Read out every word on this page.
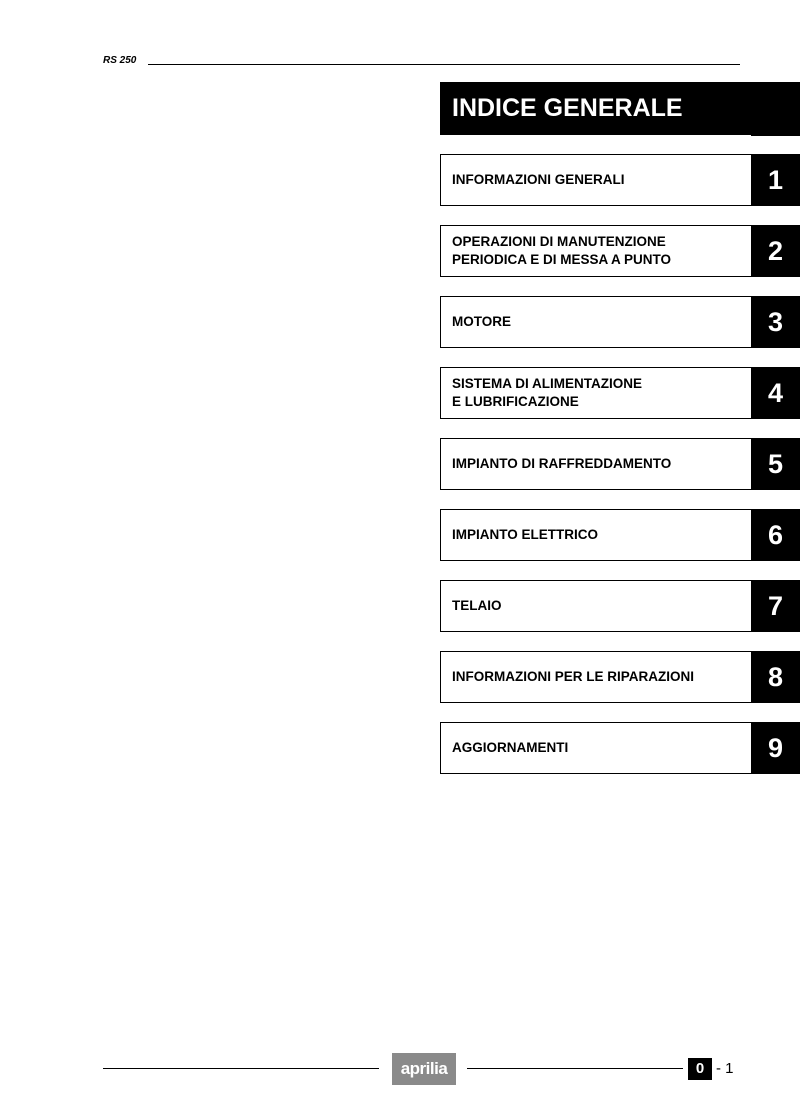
RS 250
INDICE GENERALE
INFORMAZIONI GENERALI	1
OPERAZIONI DI MANUTENZIONE
PERIODICA E DI MESSA A PUNTO	2
MOTORE	3
SISTEMA DI ALIMENTAZIONE
E LUBRIFICAZIONE	4
IMPIANTO DI RAFFREDDAMENTO	5
IMPIANTO ELETTRICO	6
TELAIO	7
INFORMAZIONI PER LE RIPARAZIONI	8
AGGIORNAMENTI	9
aprilia	0 - 1
